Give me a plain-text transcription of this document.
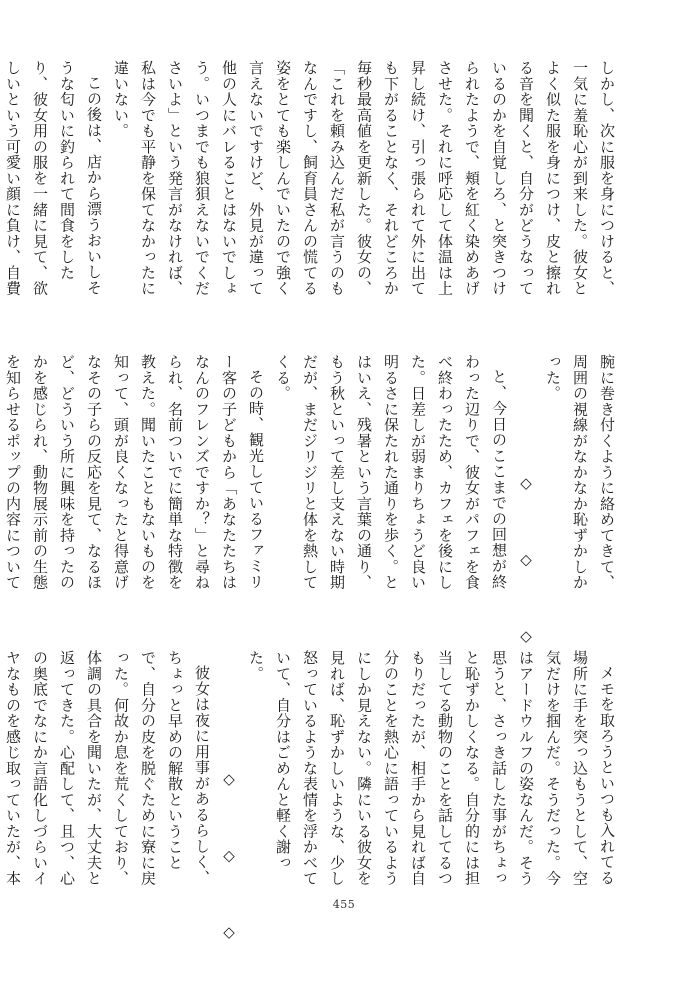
しかし、次に服を身につけると、一気に羞恥心が到来した。彼女とよく似た服を身につけ、皮と擦れる音を聞くと、自分がどうなっているのかを自覚しろ、と突きつけられたようで、頬を紅く染めあげさせた。それに呼応して体温は上昇し続け、引っ張られて外に出ても下がることなく、それどころか毎秒最高値を更新した。彼女の、「これを頼み込んだ私が言うのもなんですし、飼育員さんの慌てる姿をとても楽しんでいたので強く言えないですけど、外見が違って他の人にバレることはないでしょう。いつまでも狼狽えないでくださいよ」という発言がなければ、私は今でも平静を保てなかったに違いない。

この後は、店から漂うおいしそうな匂いに釣られて間食をしたり、彼女用の服を一緒に見て、欲しいという可愛い顔に負け、自費

腕に巻き付くように絡めてきて、周囲の視線がなかなか恥ずかしかった。

◇◇◇

と、今日のここまでの回想が終わった辺りで、彼女がパフェを食べ終わったため、カフェを後にした。日差しが弱まりちょうど良い明るさに保たれた通りを歩く。とはいえ、残暑という言葉の通り、もう秋といって差し支えない時期だが、まだジリジリと体を熱してくる。

その時、観光しているファミリー客の子どもから「あなたたちはなんのフレンズですか？」と尋ねられ、名前ついでに簡単な特徴を教えた。聞いたこともないものを知って、頭が良くなったと得意げなその子らの反応を見て、なるほど、どういう所に興味を持ったのかを感じられ、動物展示前の生態を知らせるポップの内容について

メモを取ろうといつも入れてる場所に手を突っ込もうとして、空気だけを掴んだ。そうだった。今はアードウルフの姿なんだ。そう思うと、さっき話した事がちょっと恥ずかしくなる。自分的には担当してる動物のことを話してるつもりだったが、相手から見れば自分のことを熱心に語っているようにしか見えない。隣にいる彼女を見れば、恥ずかしいような、少し怒っているような表情を浮かべていて、自分はごめんと軽く謝った。

◇◇◇

彼女は夜に用事があるらしく、ちょっと早めの解散ということで、自分の皮を脱ぐために寮に戻った。何故か息を荒くしており、体調の具合を聞いたが、大丈夫と返ってきた。心配して、且つ、心の奥底でなにか言語化しづらいイヤなものを感じ取っていたが、本

455
